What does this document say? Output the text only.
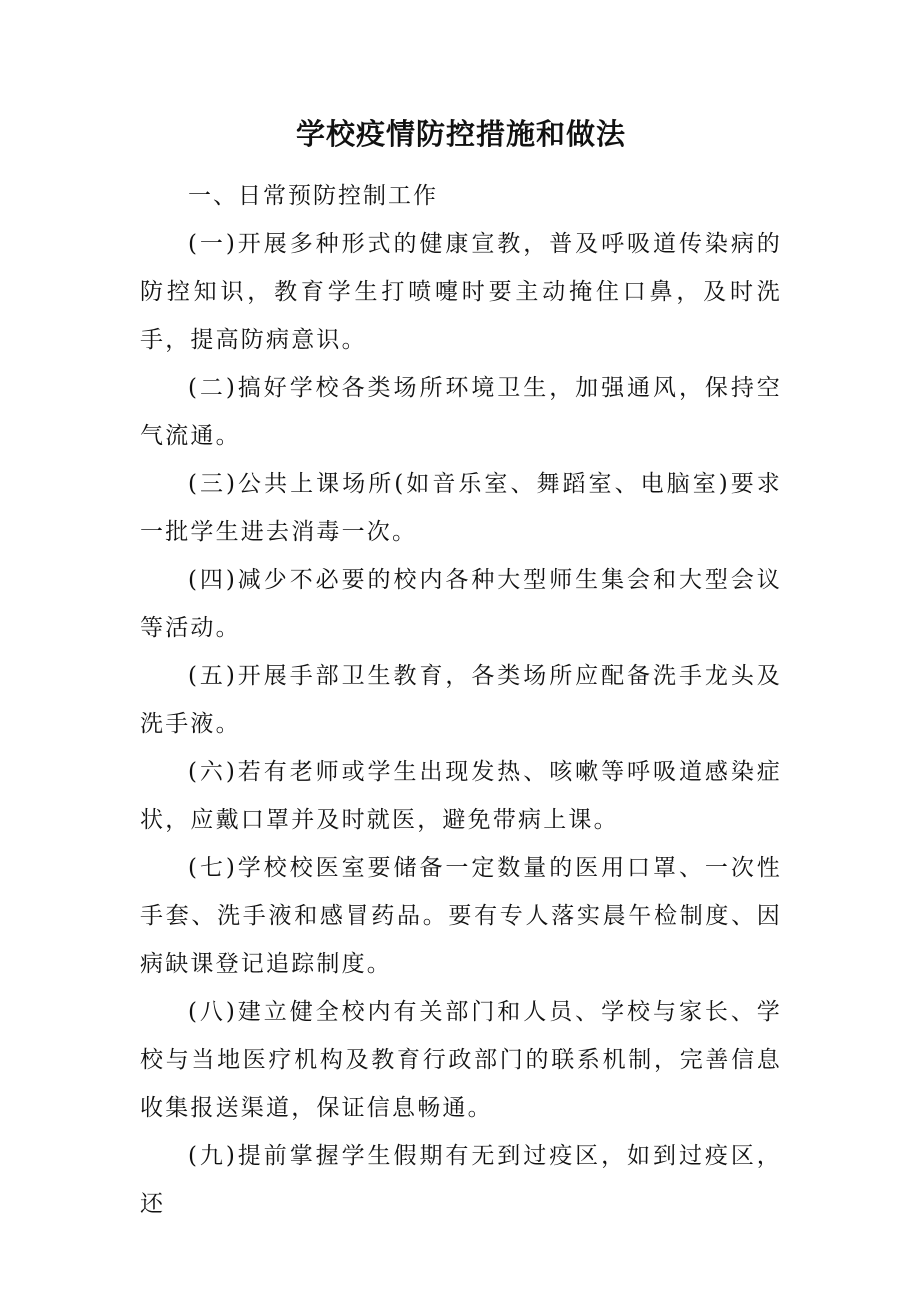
学校疫情防控措施和做法

一、日常预防控制工作

(一)开展多种形式的健康宣教，普及呼吸道传染病的防控知识，教育学生打喷嚏时要主动掩住口鼻，及时洗手，提高防病意识。

(二)搞好学校各类场所环境卫生，加强通风，保持空气流通。

(三)公共上课场所(如音乐室、舞蹈室、电脑室)要求一批学生进去消毒一次。

(四)减少不必要的校内各种大型师生集会和大型会议等活动。

(五)开展手部卫生教育，各类场所应配备洗手龙头及洗手液。

(六)若有老师或学生出现发热、咳嗽等呼吸道感染症状，应戴口罩并及时就医，避免带病上课。

(七)学校校医室要储备一定数量的医用口罩、一次性手套、洗手液和感冒药品。要有专人落实晨午检制度、因病缺课登记追踪制度。

(八)建立健全校内有关部门和人员、学校与家长、学校与当地医疗机构及教育行政部门的联系机制，完善信息收集报送渠道，保证信息畅通。

(九)提前掌握学生假期有无到过疫区，如到过疫区，还
